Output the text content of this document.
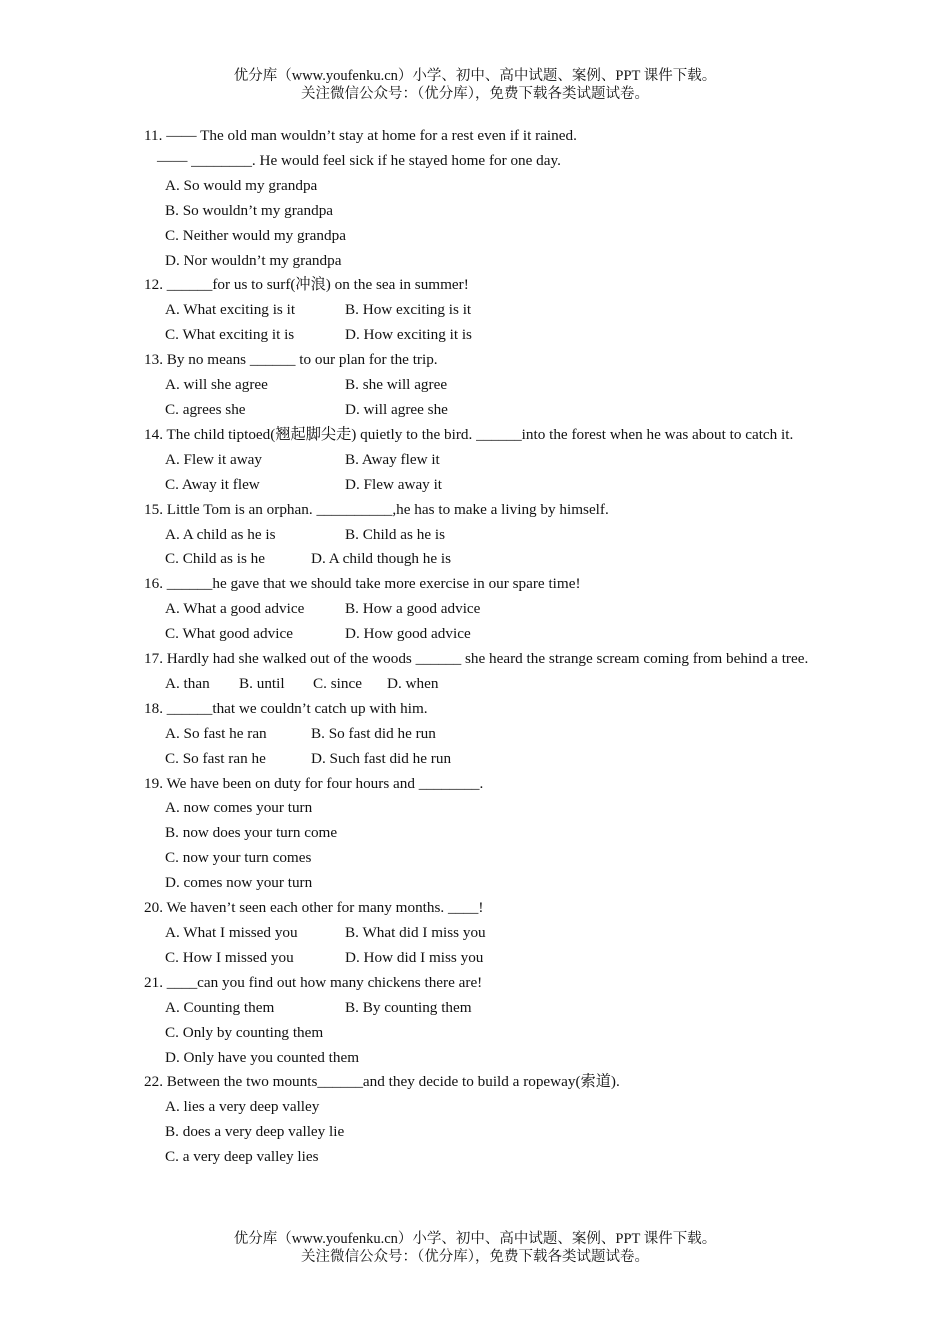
优分库（www.youfenku.cn）小学、初中、高中试题、案例、PPT 课件下载。
关注微信公众号：（优分库），免费下载各类试题试卷。
11. —— The old man wouldn’t stay at home for a rest even if it rained.
—— ________. He would feel sick if he stayed home for one day.
A. So would my grandpa
B. So wouldn’t my grandpa
C. Neither would my grandpa
D. Nor wouldn’t my grandpa
12. ______for us to surf(冲浪) on the sea in summer!
A. What exciting is it	B. How exciting is it
C. What exciting it is	D. How exciting it is
13. By no means ______ to our plan for the trip.
A. will she agree	B. she will agree
C. agrees she	D. will agree she
14. The child tiptoed(翘起脚尖走) quietly to the bird. ______into the forest when he was about to catch it.
A. Flew it away	B. Away flew it
C. Away it flew	D. Flew away it
15. Little Tom is an orphan. __________,he has to make a living by himself.
A. A child as he is	B. Child as he is
C. Child as is he	D. A child though he is
16. ______he gave that we should take more exercise in our spare time!
A. What a good advice	B. How a good advice
C. What good advice	D. How good advice
17. Hardly had she walked out of the woods ______ she heard the strange scream coming from behind a tree.
A. than B. until C. since D. when
18. ______that we couldn’t catch up with him.
A. So fast he ran	B. So fast did he run
C. So fast ran he	D. Such fast did he run
19. We have been on duty for four hours and ________.
A. now comes your turn
B. now does your turn come
C. now your turn comes
D. comes now your turn
20. We haven’t seen each other for many months. ____!
A. What I missed you	B. What did I miss you
C. How I missed you	D. How did I miss you
21. ____can you find out how many chickens there are!
A. Counting them	B. By counting them
C. Only by counting them
D. Only have you counted them
22. Between the two mounts______and they decide to build a ropeway(索道).
A. lies a very deep valley
B. does a very deep valley lie
C. a very deep valley lies
优分库（www.youfenku.cn）小学、初中、高中试题、案例、PPT 课件下载。
关注微信公众号：（优分库），免费下载各类试题试卷。
